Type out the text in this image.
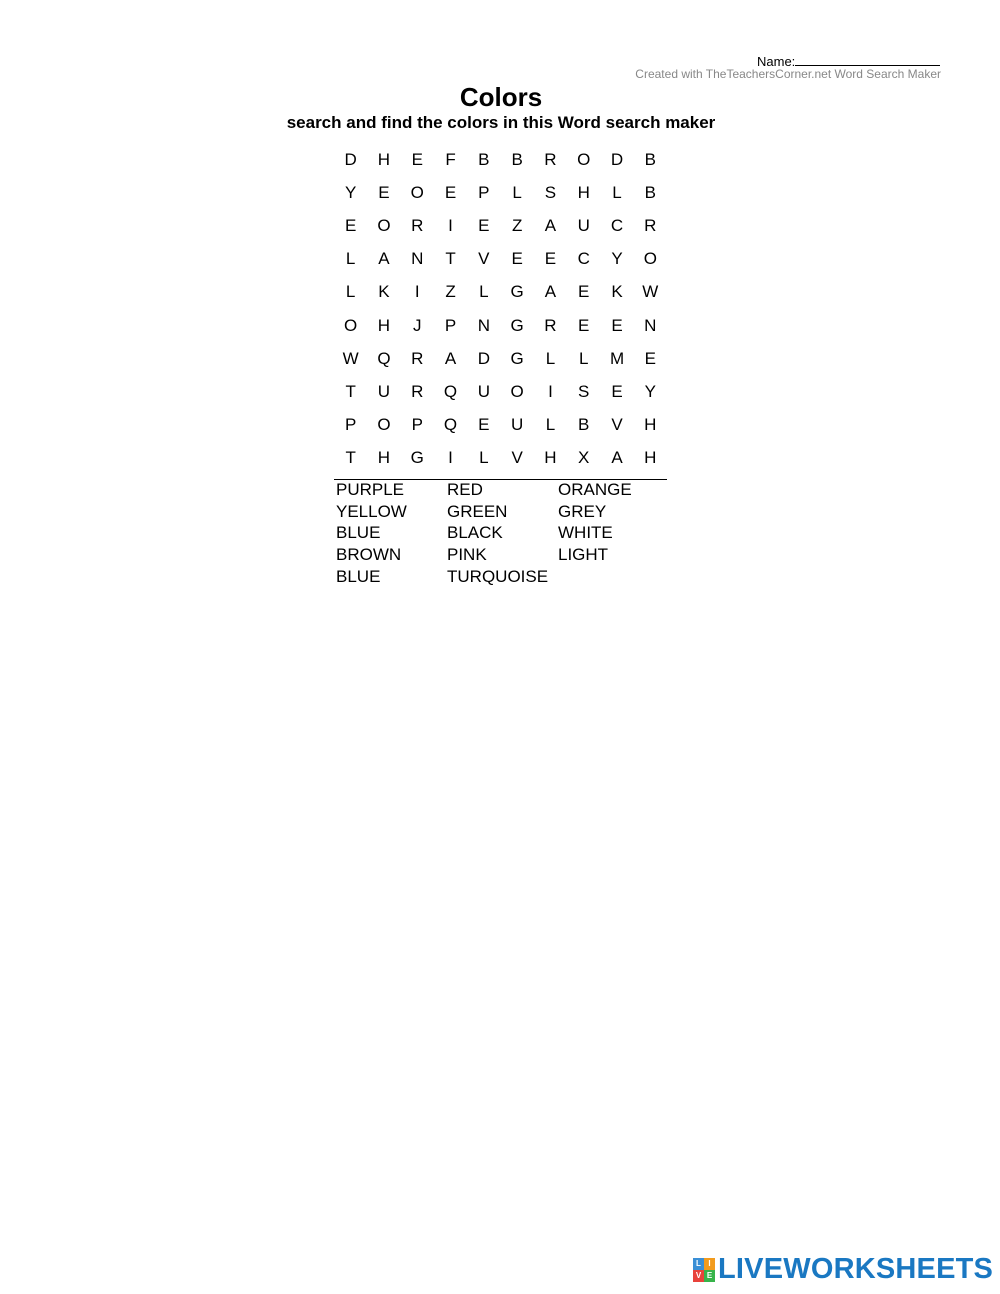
Name:
Created with TheTeachersCorner.net Word Search Maker
Colors
search and find the colors in this Word search maker
D	H	E	F	B	B	R	O	D	B
Y	E	O	E	P	L	S	H	L	B
E	O	R	I	E	Z	A	U	C	R
L	A	N	T	V	E	E	C	Y	O
L	K	I	Z	L	G	A	E	K	W
O	H	J	P	N	G	R	E	E	N
W	Q	R	A	D	G	L	L	M	E
T	U	R	Q	U	O	I	S	E	Y
P	O	P	Q	E	U	L	B	V	H
T	H	G	I	L	V	H	X	A	H
PURPLE	RED	ORANGE
YELLOW	GREEN	GREY
BLUE	BLACK	WHITE
BROWN	PINK	LIGHT
BLUE	TURQUOISE
L I
V E LIVEWORKSHEETS
